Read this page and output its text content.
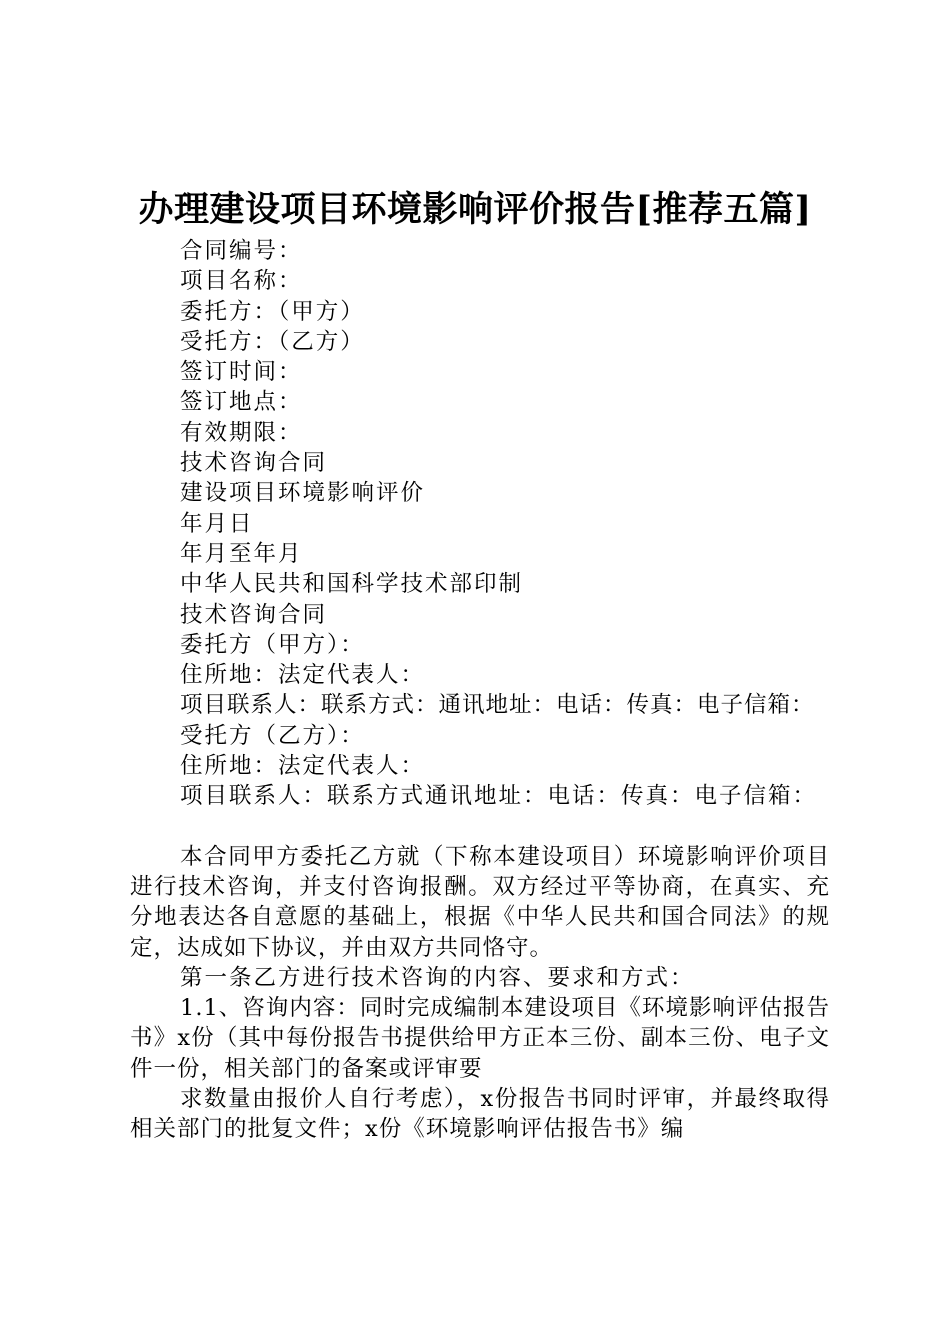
办理建设项目环境影响评价报告[推荐五篇]
合同编号：
项目名称：
委托方：（甲方）
受托方：（乙方）
签订时间：
签订地点：
有效期限：
技术咨询合同
建设项目环境影响评价
年月日
年月至年月
中华人民共和国科学技术部印制
技术咨询合同
委托方（甲方）：
住所地：法定代表人：

项目联系人：联系方式：通讯地址：电话：传真：电子信箱：

受托方（乙方）：
住所地：法定代表人：
项目联系人：联系方式通讯地址：电话：传真：电子信箱：

本合同甲方委托乙方就（下称本建设项目）环境影响评价项目进行技术咨询，并支付咨询报酬。双方经过平等协商，在真实、充分地表达各自意愿的基础上，根据《中华人民共和国合同法》的规定，达成如下协议，并由双方共同恪守。

第一条乙方进行技术咨询的内容、要求和方式：

1.1、咨询内容：同时完成编制本建设项目《环境影响评估报告书》x份（其中每份报告书提供给甲方正本三份、副本三份、电子文件一份，相关部门的备案或评审要

求数量由报价人自行考虑），x份报告书同时评审，并最终取得相关部门的批复文件；x份《环境影响评估报告书》编
